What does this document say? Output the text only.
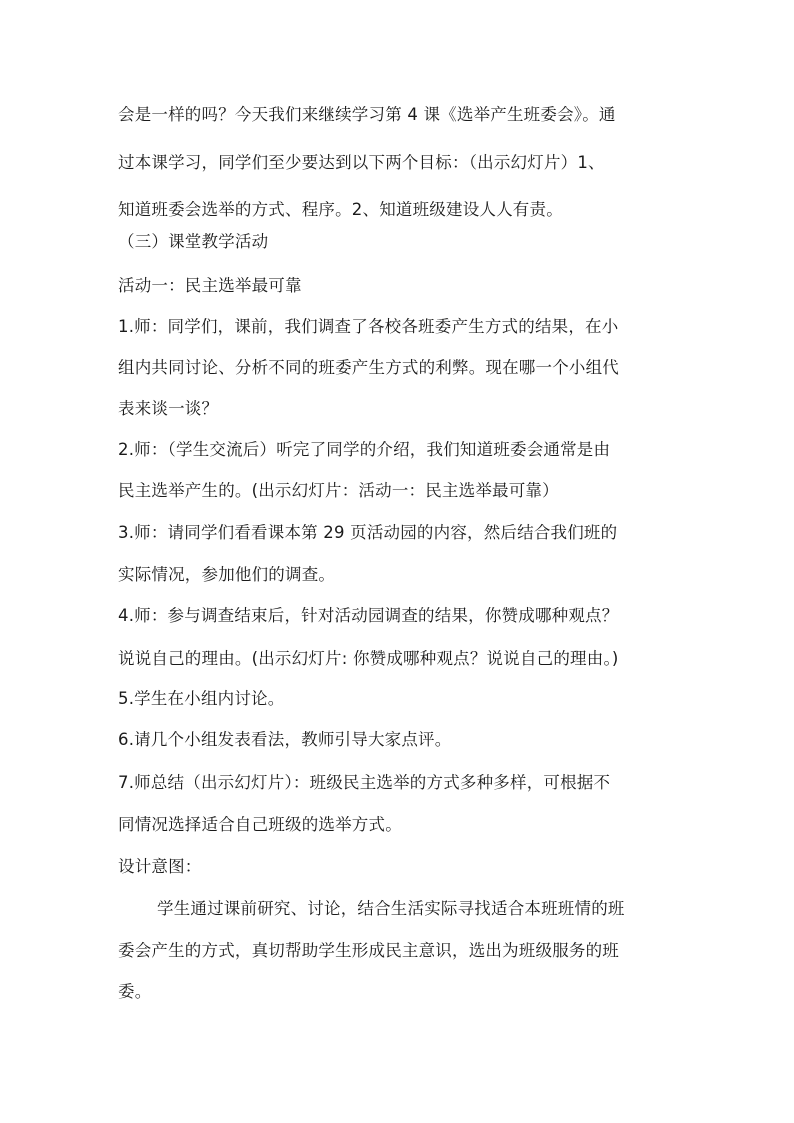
会是一样的吗？今天我们来继续学习第 4 课《选举产生班委会》。通
过本课学习，同学们至少要达到以下两个目标：（出示幻灯片）1、
知道班委会选举的方式、程序。2、知道班级建设人人有责。
（三）课堂教学活动
活动一：民主选举最可靠
1.师：同学们，课前，我们调查了各校各班委产生方式的结果，在小
组内共同讨论、分析不同的班委产生方式的利弊。现在哪一个小组代
表来谈一谈？
2.师：（学生交流后）听完了同学的介绍，我们知道班委会通常是由
民主选举产生的。(出示幻灯片：活动一：民主选举最可靠）
3.师：请同学们看看课本第 29 页活动园的内容，然后结合我们班的
实际情况，参加他们的调查。
4.师：参与调查结束后，针对活动园调查的结果，你赞成哪种观点？
说说自己的理由。(出示幻灯片: 你赞成哪种观点？说说自己的理由。)
5.学生在小组内讨论。
6.请几个小组发表看法，教师引导大家点评。
7.师总结（出示幻灯片）：班级民主选举的方式多种多样，可根据不
同情况选择适合自己班级的选举方式。
设计意图：
学生通过课前研究、讨论，结合生活实际寻找适合本班班情的班
委会产生的方式，真切帮助学生形成民主意识，选出为班级服务的班
委。
